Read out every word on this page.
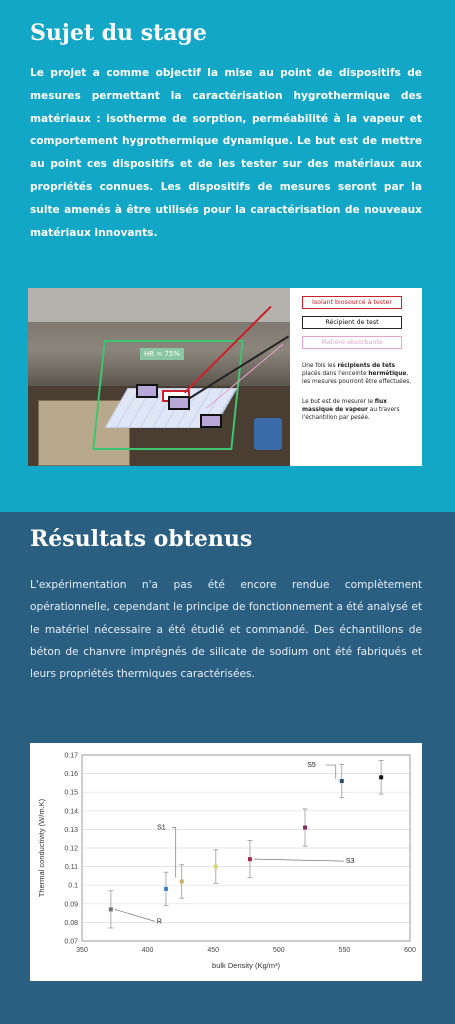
Sujet du stage

Le projet a comme objectif la mise au point de dispositifs de mesures permettant la caractérisation hygrothermique des matériaux : isotherme de sorption, perméabilité à la vapeur et comportement hygrothermique dynamique. Le but est de mettre au point ces dispositifs et de les tester sur des matériaux aux propriétés connues. Les dispositifs de mesures seront par la suite amenés à être utilisés pour la caractérisation de nouveaux matériaux innovants.

HR = 75%
Isolant biosourcé à tester
Récipient de test
Matière absorbante
Une fois les récipients de tets placés dans l'enceinte hermétique, les mesures pourront être effectuées.
Le but est de mesurer le flux massique de vapeur au travers l'échantillon par pesée.
Résultats obtenus

L'expérimentation n'a pas été encore rendue complètement opérationnelle, cependant le principe de fonctionnement a été analysé et le matériel nécessaire a été étudié et commandé. Des échantillons de béton de chanvre imprégnés de silicate de sodium ont été fabriqués et leurs propriétés thermiques caractérisées.

0.07
0.08
0.09
0.1
0.11
0.12
0.13
0.14
0.15
0.16
0.17
350	400	450	500	550	600
bulk Density (Kg/m³)
Thermal conductivity (W/m.K)
R
S1
S3
S5
